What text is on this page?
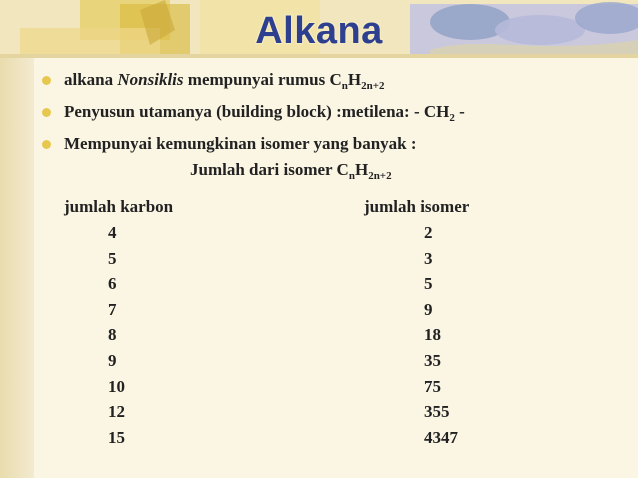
Alkana
alkana Nonsiklis mempunyai rumus $C_nH_{2n+2}$
Penyusun utamanya (building block) :metilena: - $CH_2$ -
Mempunyai kemungkinan isomer yang banyak :
Jumlah dari isomer $C_nH_{2n+2}$
jumlah karbon	jumlah isomer
4
5
6
7
8
9
10
12
15
2
3
5
9
18
35
75
355
4347
